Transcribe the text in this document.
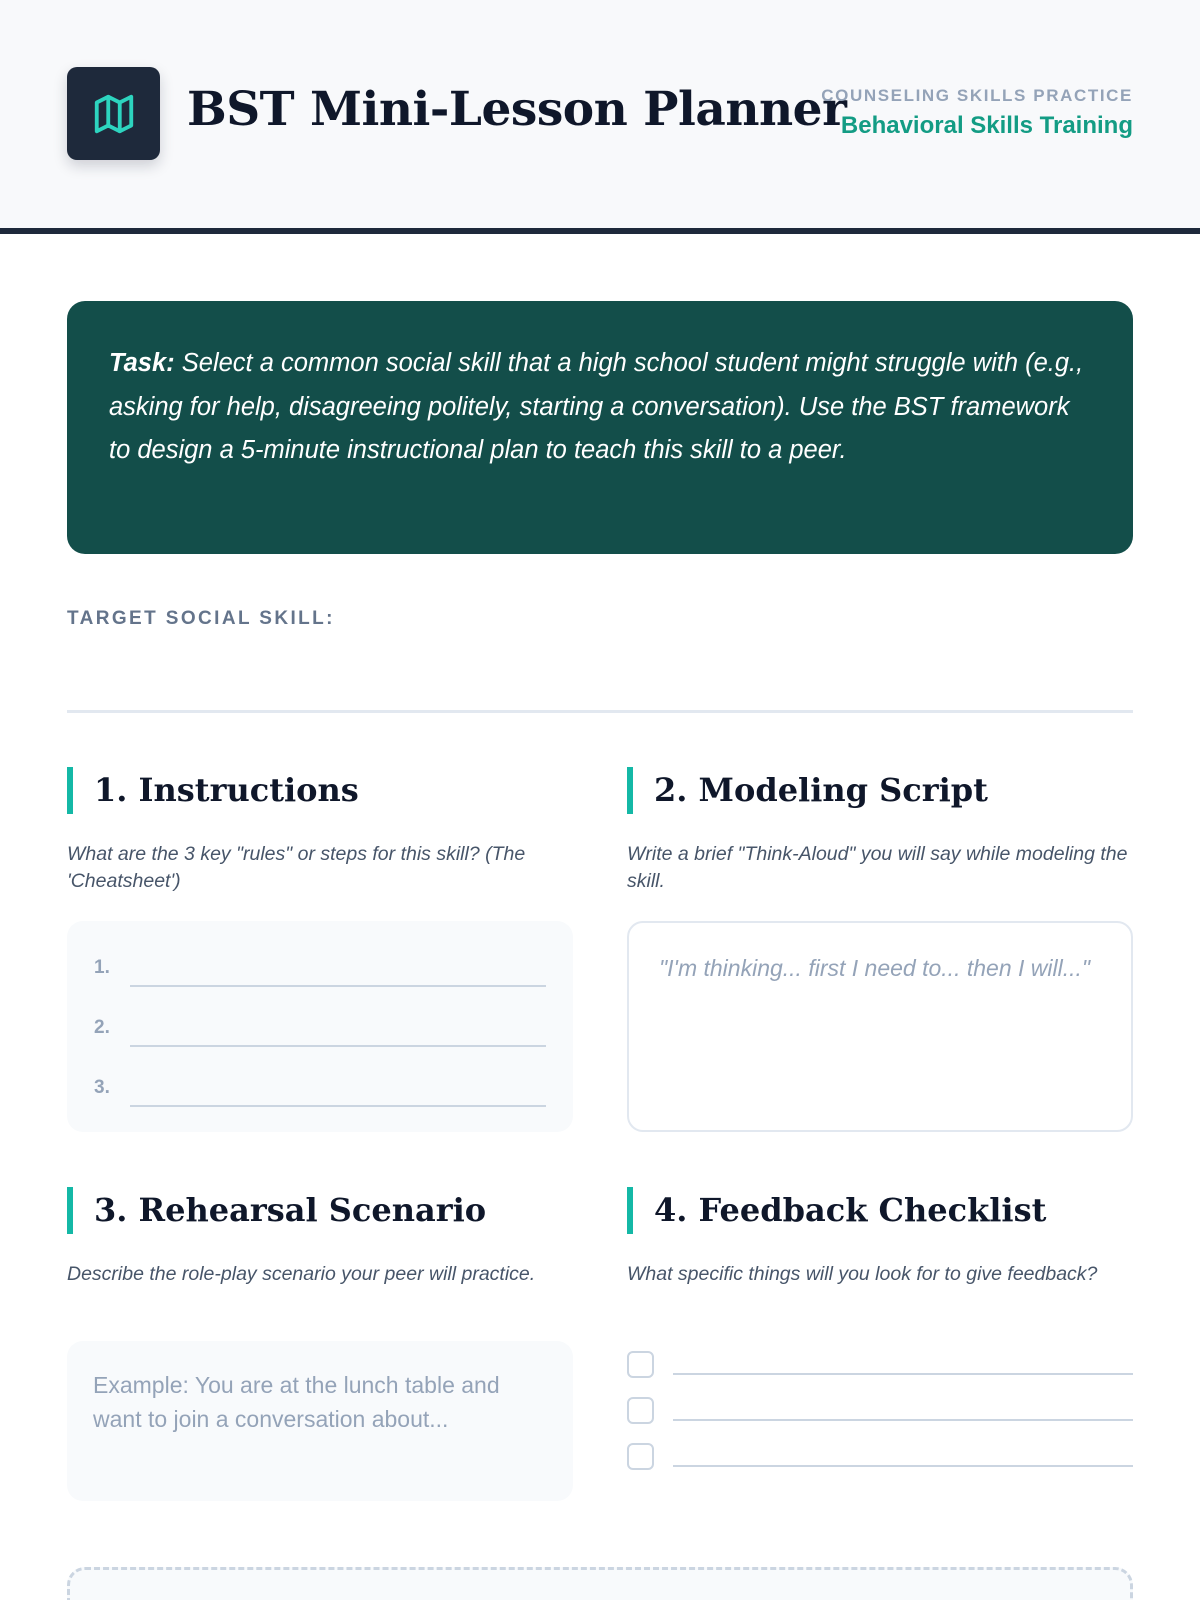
BST Mini-Lesson Planner
COUNSELING SKILLS PRACTICE
Behavioral Skills Training
Task: Select a common social skill that a high school student might struggle with (e.g., asking for help, disagreeing politely, starting a conversation). Use the BST framework to design a 5-minute instructional plan to teach this skill to a peer.
TARGET SOCIAL SKILL:
1. Instructions

What are the 3 key "rules" or steps for this skill? (The 'Cheatsheet')

1.
2.
3.
2. Modeling Script

Write a brief "Think-Aloud" you will say while modeling the skill.

"I'm thinking... first I need to... then I will..."
3. Rehearsal Scenario

Describe the role-play scenario your peer will practice.

Example: You are at the lunch table and want to join a conversation about...
4. Feedback Checklist

What specific things will you look for to give feedback?
